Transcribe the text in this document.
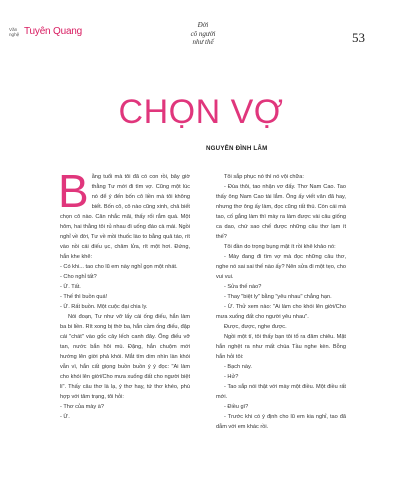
Văn
nghệ Tuyên Quang
Đời
cô người
như thế	53
CHỌN VỢ
NGUYỄN ĐÌNH LÂM

Bằng tuổi mà tôi đã có con rồi, bây giờ thằng Tư mới đi tìm vợ. Cũng một lúc nó để ý đến bốn cô liền mà tôi không biết. Bốn cô, cô nào cũng xinh, chả biết chọn cô nào. Cân nhắc mãi, thấy rối rắm quá. Một hôm, hai thằng tôi rủ nhau đi uống đáo cà mái. Ngồi nghỉ về đời, Tư về mồi thuốc lào to bằng quả táo, rít vào nồi cái điếu ục, châm lửa, rít một hơi. Đứng, hắn khe khẽ:

- Có khi... tao cho lũ em này nghỉ gọn một nhát.

- Cho nghỉ tất?

- Ừ. Tất.

- Thế thì buồn quá!

- Ừ. Rất buồn. Một cuộc đại chia ly.

Nói đoạn, Tư như vỡ lấy cái ống điếu, hắn làm ba bi liền. Rít xong bị thờ ba, hắn cầm ống điếu, đập cái "chát" vào gốc cây lếch canh đây. Ống điếu vỡ tan, nước bắn hôi mù. Đặng, hắn chuộm mới hướng lên giời phả khói. Mắt tím dim nhìn làn khói vẫn vì, hắn cất giọng buồn buồn ý ý đọc: "Ai làm cho khói lên giời/Cho mưa xuống đất cho người biệt li". Thấy câu thơ là lạ, ý thơ hay, tứ thơ khéo, phù hợp với tâm trạng, tôi hỏi:

- Thơ của mày à?

- Ừ.

Tôi sắp phục nó thì nó vội chữa:

- Đùa thôi, tao nhận vơ đấy. Thơ Nam Cao. Tao thấy ông Nam Cao tài lắm. Ông ấy viết văn đã hay, nhưng thơ ông ấy làm, đọc cũng rất thú. Còn cái mà tao, cố gắng làm thì mày ra làm được vài câu giống ca dao, chứ sao chế được những câu thơ lạm ít thế?

Tôi đần do trọng bụng mặt ít rồi khê khảo nó:

- Mày đang đi tìm vợ mà đọc những câu thơ, nghe nó sai sai thế nào ấy? Nên sửa đi một tẹo, cho vui vui.

- Sửa thế nào?

- Thay "biệt ly" bằng "yêu nhau" chẳng hạn.

- Ừ. Thử xem nào: "Ai làm cho khói lên giời/Cho mưa xuống đất cho người yêu nhau".

Được, được, nghe được.

Ngồi một tí, tôi thấy bạn tôi tổ ra đăm chiêu. Mặt hắn nghệt ra như mất chúa Tầu nghe kèn. Bỗng hắn hỏi tôi:

- Bạch này.

- Hử?

- Tao sắp nói thật với mày một điều. Một điều rất mới.

- Điều gì?

- Trước khi có ý định cho lũ em kia nghỉ, tao đã dẫm với em khác rồi.
